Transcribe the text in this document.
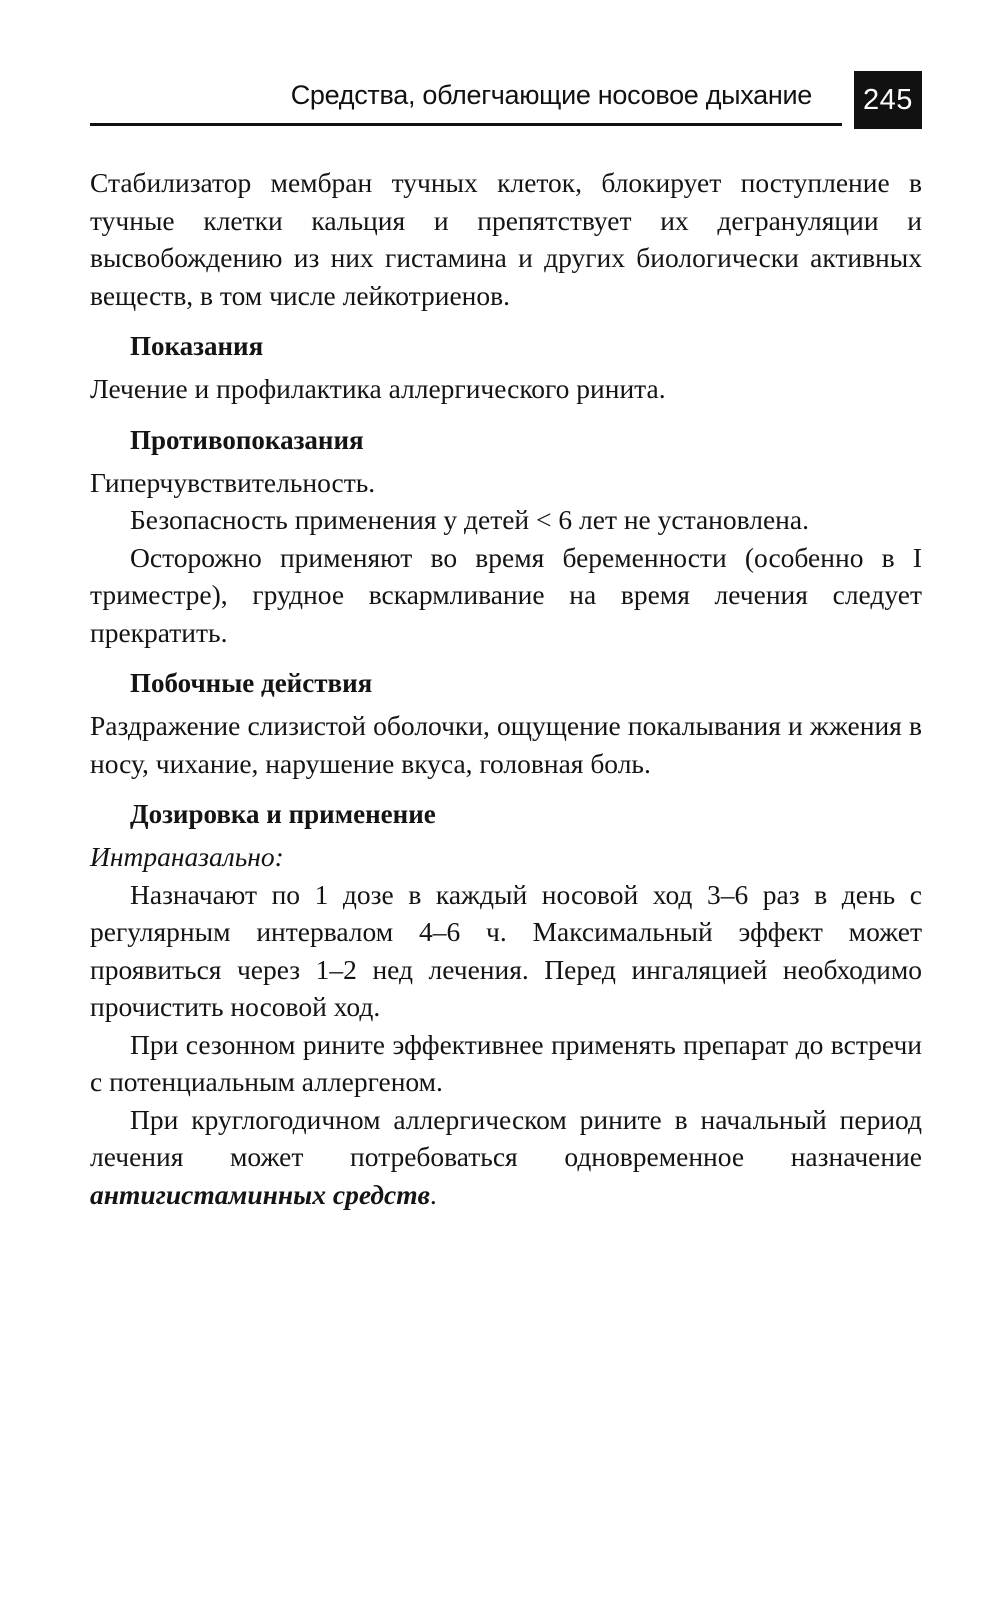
Средства, облегчающие носовое дыхание	245

Стабилизатор мембран тучных клеток, блокирует поступление в тучные клетки кальция и препятствует их дегрануляции и высвобождению из них гистамина и других биологически активных веществ, в том числе лейкотриенов.

Показания

Лечение и профилактика аллергического ринита.

Противопоказания

Гиперчувствительность.

Безопасность применения у детей < 6 лет не установлена.

Осторожно применяют во время беременности (особенно в I триместре), грудное вскармливание на время лечения следует прекратить.

Побочные действия

Раздражение слизистой оболочки, ощущение покалывания и жжения в носу, чихание, нарушение вкуса, головная боль.

Дозировка и применение

Интраназально:

Назначают по 1 дозе в каждый носовой ход 3–6 раз в день с регулярным интервалом 4–6 ч. Максимальный эффект может проявиться через 1–2 нед лечения. Перед ингаляцией необходимо прочистить носовой ход.

При сезонном рините эффективнее применять препарат до встречи с потенциальным аллергеном.

При круглогодичном аллергическом рините в начальный период лечения может потребоваться одновременное назначение антигистаминных средств.
